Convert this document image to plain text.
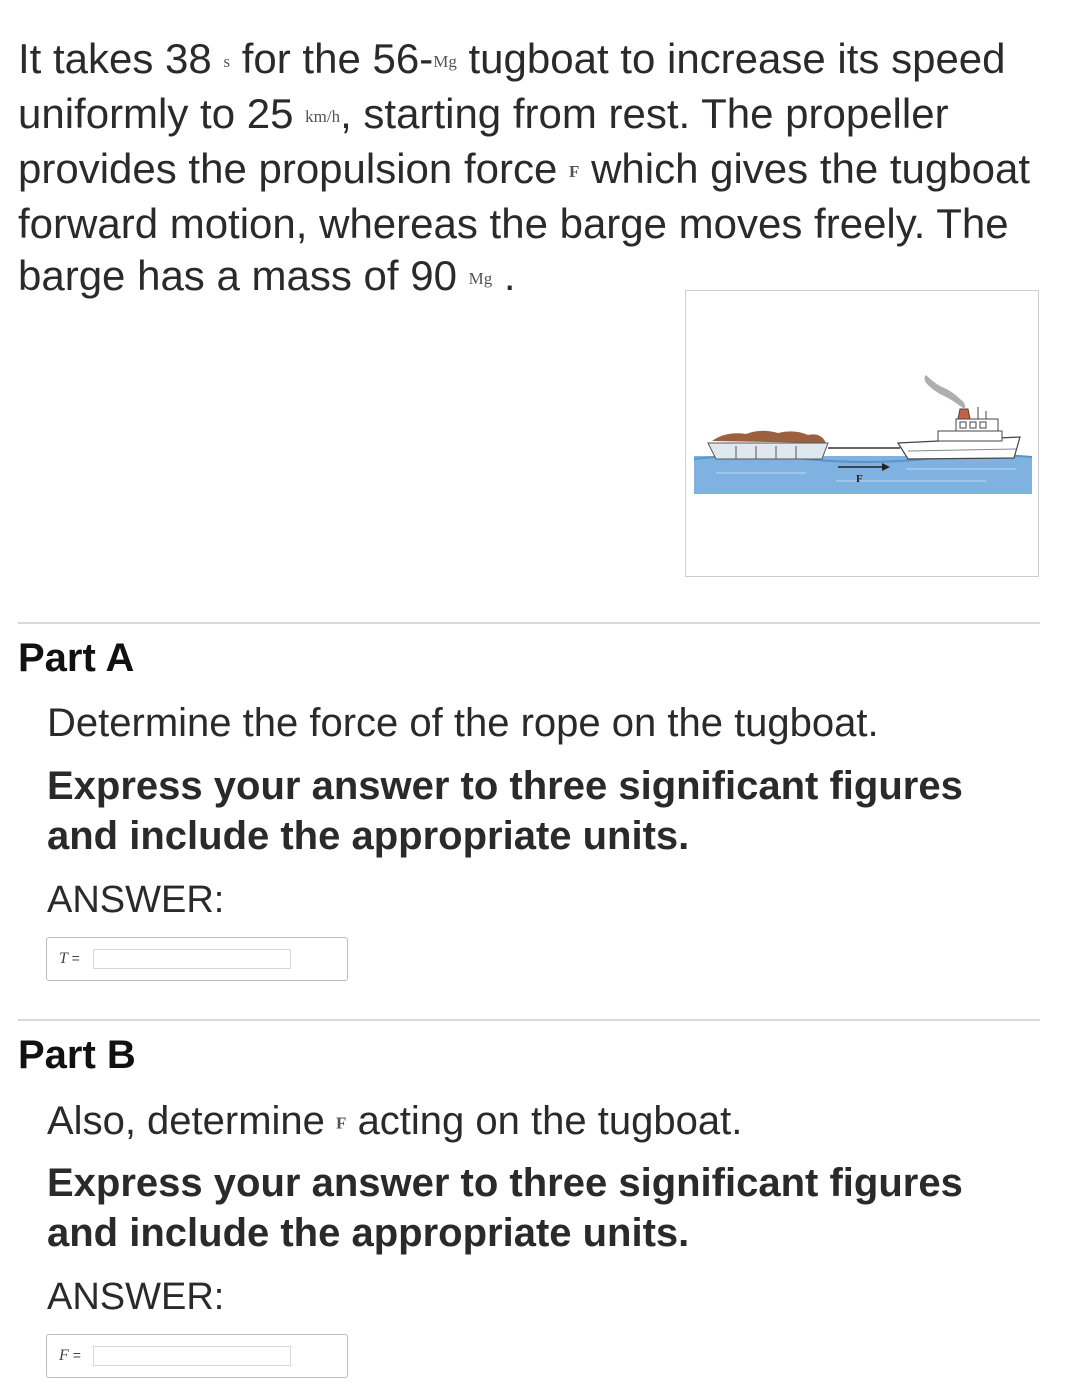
It takes 38 s for the 56-Mg tugboat to increase its speed uniformly to 25 km/h, starting from rest. The propeller provides the propulsion force F which gives the tugboat forward motion, whereas the barge moves freely. The barge has a mass of 90 Mg .
F
Part A
Determine the force of the rope on the tugboat.
Express your answer to three significant figures and include the appropriate units.
ANSWER:
T =
Part B
Also, determine F acting on the tugboat.
Express your answer to three significant figures and include the appropriate units.
ANSWER:
F =
